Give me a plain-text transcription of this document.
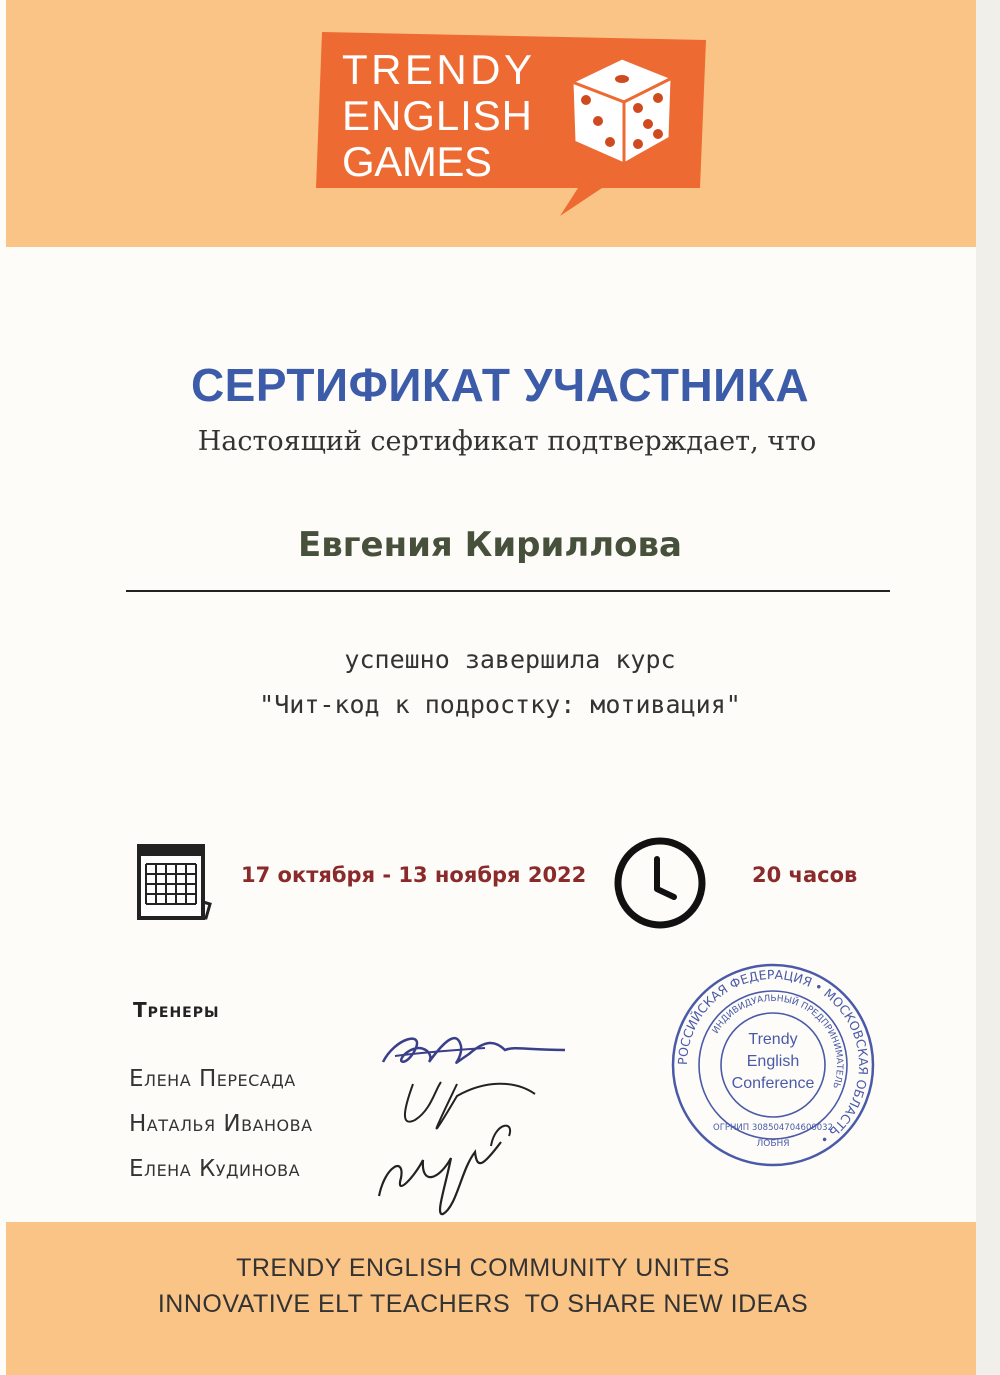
TRENDY
ENGLISH
GAMES
СЕРТИФИКАТ УЧАСТНИКА
Настоящий сертификат подтверждает, что
Евгения Кириллова
успешно завершила курс
"Чит-код к подростку: мотивация"
17 октября - 13 ноября 2022	20 часов
Тренеры
Елена Пересада
Наталья Иванова
Елена Кудинова
РОССИЙСКАЯ ФЕДЕРАЦИЯ • МОСКОВСКАЯ ОБЛАСТЬ •
ИНДИВИДУАЛЬНЫЙ ПРЕДПРИНИМАТЕЛЬ
ОГРНИП 308504704600032
ЛОБНЯ
Trendy
English
Conference
TRENDY ENGLISH COMMUNITY UNITES
INNOVATIVE ELT TEACHERS  TO SHARE NEW IDEAS
